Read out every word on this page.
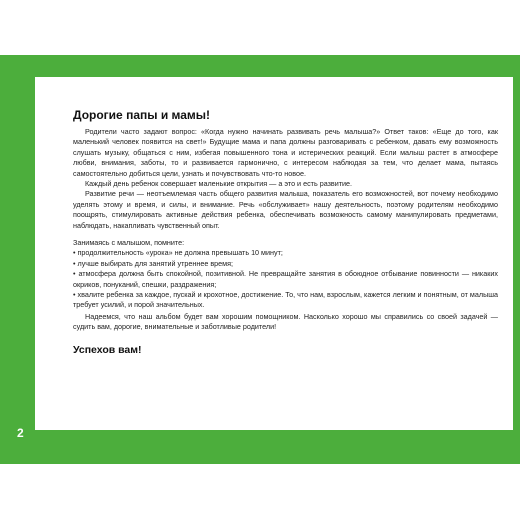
Дорогие папы и мамы!

Родители часто задают вопрос: «Когда нужно начинать развивать речь малыша?» Ответ таков: «Еще до того, как маленький человек появится на свет!» Будущие мама и папа должны разговаривать с ребенком, давать ему возможность слушать музыку, общаться с ним, избегая повышенного тона и истерических реакций. Если малыш растет в атмосфере любви, внимания, заботы, то и развивается гармонично, с интересом наблюдая за тем, что делает мама, пытаясь самостоятельно добиться цели, узнать и почувствовать что-то новое.

Каждый день ребенок совершает маленькие открытия — а это и есть развитие.

Развитие речи — неотъемлемая часть общего развития малыша, показатель его возможностей, вот почему необходимо уделять этому и время, и силы, и внимание. Речь «обслуживает» нашу деятельность, поэтому родителям необходимо поощрять, стимулировать активные действия ребенка, обеспечивать возможность самому манипулировать предметами, наблюдать, накапливать чувственный опыт.

Занимаясь с малышом, помните:

• продолжительность «урока» не должна превышать 10 минут;

• лучше выбирать для занятий утреннее время;

• атмосфера должна быть спокойной, позитивной. Не превращайте занятия в обоюдное отбывание повинности — никаких окриков, понуканий, спешки, раздражения;

• хвалите ребенка за каждое, пускай и крохотное, достижение. То, что нам, взрослым, кажется легким и понятным, от малыша требует усилий, и порой значительных.

Надеемся, что наш альбом будет вам хорошим помощником. Насколько хорошо мы справились со своей задачей — судить вам, дорогие, внимательные и заботливые родители!

Успехов вам!
2
